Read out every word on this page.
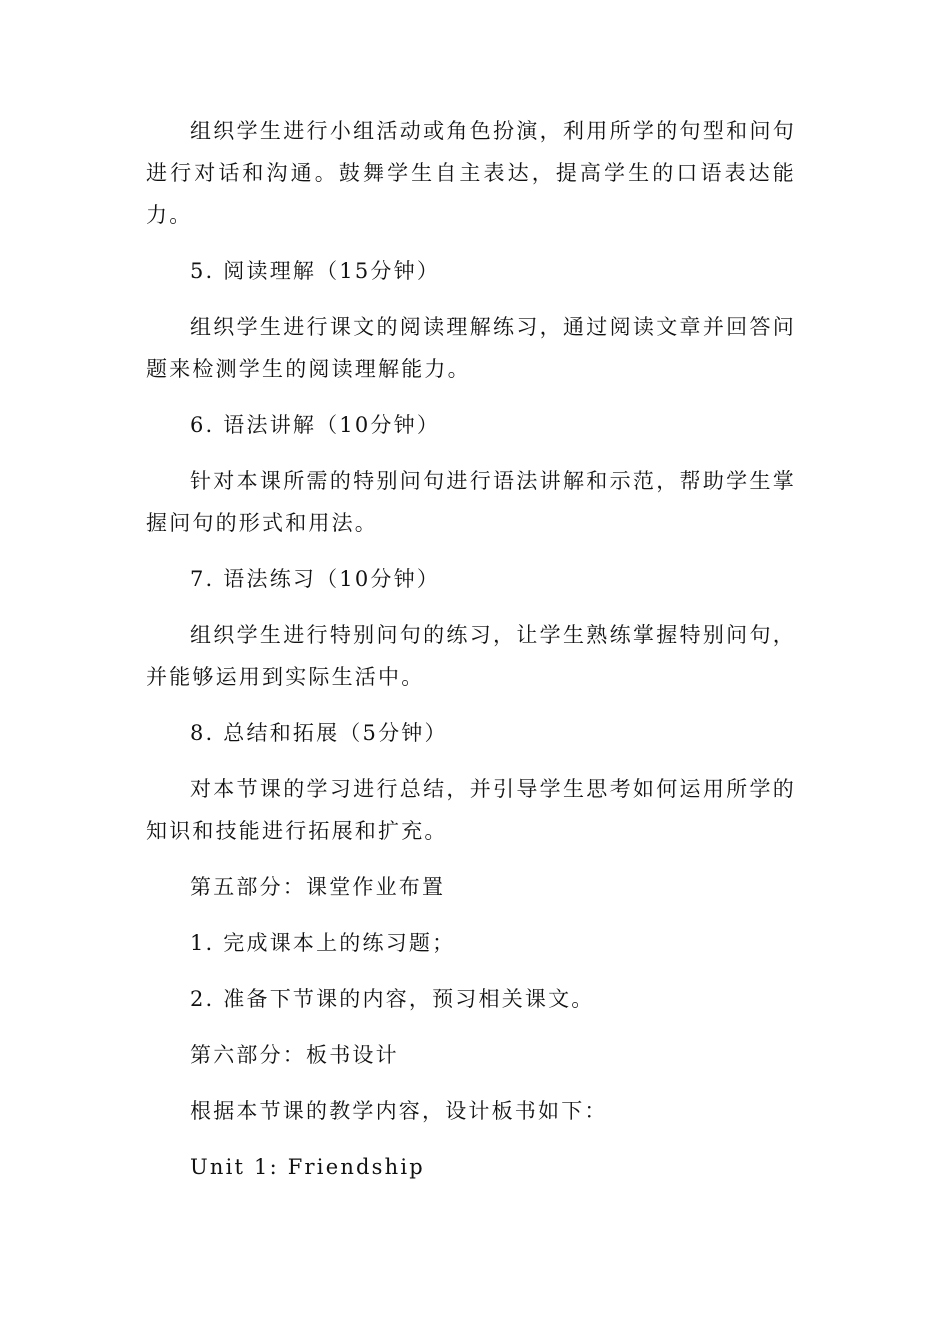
组织学生进行小组活动或角色扮演，利用所学的句型和问句进行对话和沟通。鼓舞学生自主表达，提高学生的口语表达能力。

5. 阅读理解（15分钟）

组织学生进行课文的阅读理解练习，通过阅读文章并回答问题来检测学生的阅读理解能力。

6. 语法讲解（10分钟）

针对本课所需的特别问句进行语法讲解和示范，帮助学生掌握问句的形式和用法。

7. 语法练习（10分钟）

组织学生进行特别问句的练习，让学生熟练掌握特别问句，并能够运用到实际生活中。

8. 总结和拓展（5分钟）

对本节课的学习进行总结，并引导学生思考如何运用所学的知识和技能进行拓展和扩充。

第五部分：课堂作业布置

1. 完成课本上的练习题；

2. 准备下节课的内容，预习相关课文。

第六部分：板书设计

根据本节课的教学内容，设计板书如下：

Unit 1: Friendship
